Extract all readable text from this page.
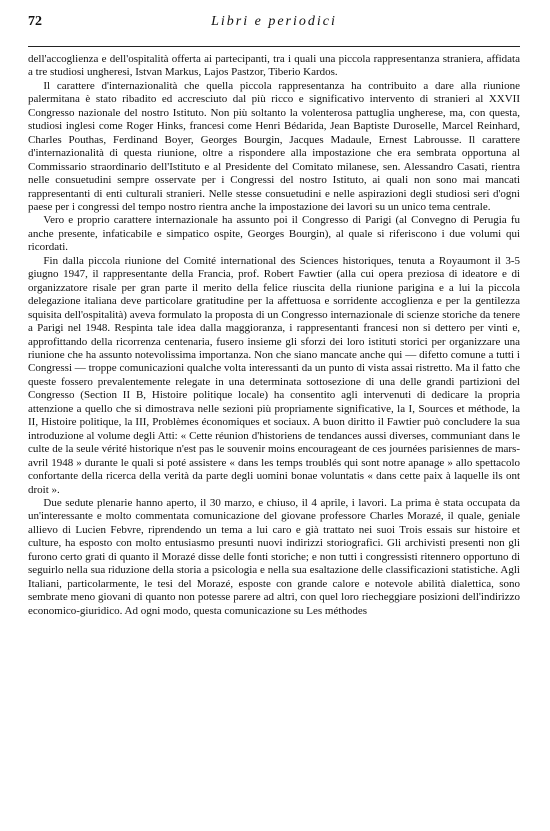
72	Libri e periodici

dell'accoglienza e dell'ospitalità offerta ai partecipanti, tra i quali una piccola rappresentanza straniera, affidata a tre studiosi ungheresi, Istvan Markus, Lajos Pastzor, Tiberio Kardos.

Il carattere d'internazionalità che quella piccola rappresentanza ha contribuito a dare alla riunione palermitana è stato ribadito ed accresciuto dal più ricco e significativo intervento di stranieri al XXVII Congresso nazionale del nostro Istituto. Non più soltanto la volenterosa pattuglia ungherese, ma, con questa, studiosi inglesi come Roger Hinks, francesi come Henri Bédarida, Jean Baptiste Duroselle, Marcel Reinhard, Charles Pouthas, Ferdinand Boyer, Georges Bourgin, Jacques Madaule, Ernest Labrousse. Il carattere d'internazionalità di questa riunione, oltre a rispondere alla impostazione che era sembrata opportuna al Commissario straordinario dell'Istituto e al Presidente del Comitato milanese, sen. Alessandro Casati, rientra nelle consuetudini sempre osservate per i Congressi del nostro Istituto, ai quali non sono mai mancati rappresentanti di enti culturali stranieri. Nelle stesse consuetudini e nelle aspirazioni degli studiosi seri d'ogni paese per i congressi del tempo nostro rientra anche la impostazione dei lavori su un unico tema centrale.

Vero e proprio carattere internazionale ha assunto poi il Congresso di Parigi (al Convegno di Perugia fu anche presente, infaticabile e simpatico ospite, Georges Bourgin), al quale si riferiscono i due volumi qui ricordati.

Fin dalla piccola riunione del Comité international des Sciences historiques, tenuta a Royaumont il 3-5 giugno 1947, il rappresentante della Francia, prof. Robert Fawtier (alla cui opera preziosa di ideatore e di organizzatore risale per gran parte il merito della felice riuscita della riunione parigina e a lui la piccola delegazione italiana deve particolare gratitudine per la affettuosa e sorridente accoglienza e per la gentilezza squisita dell'ospitalità) aveva formulato la proposta di un Congresso internazionale di scienze storiche da tenere a Parigi nel 1948. Respinta tale idea dalla maggioranza, i rappresentanti francesi non si dettero per vinti e, approfittando della ricorrenza centenaria, fusero insieme gli sforzi dei loro istituti storici per organizzare una riunione che ha assunto notevolissima importanza. Non che siano mancate anche qui — difetto comune a tutti i Congressi — troppe comunicazioni qualche volta interessanti da un punto di vista assai ristretto. Ma il fatto che queste fossero prevalentemente relegate in una determinata sottosezione di una delle grandi partizioni del Congresso (Section II B, Histoire politique locale) ha consentito agli intervenuti di dedicare la propria attenzione a quello che si dimostrava nelle sezioni più propriamente significative, la I, Sources et méthode, la II, Histoire politique, la III, Problèmes économiques et sociaux. A buon diritto il Fawtier può concludere la sua introduzione al volume degli Atti: « Cette réunion d'historiens de tendances aussi diverses, communiant dans le culte de la seule vérité historique n'est pas le souvenir moins encourageant de ces journées parisiennes de mars-avril 1948 » durante le quali si poté assistere « dans les temps troublés qui sont notre apanage » allo spettacolo confortante della ricerca della verità da parte degli uomini bonae voluntatis « dans cette paix à laquelle ils ont droit ».

Due sedute plenarie hanno aperto, il 30 marzo, e chiuso, il 4 aprile, i lavori. La prima è stata occupata da un'interessante e molto commentata comunicazione del giovane professore Charles Morazé, il quale, geniale allievo di Lucien Febvre, riprendendo un tema a lui caro e già trattato nei suoi Trois essais sur histoire et culture, ha esposto con molto entusiasmo presunti nuovi indirizzi storiografici. Gli archivisti presenti non gli furono certo grati di quanto il Morazé disse delle fonti storiche; e non tutti i congressisti ritennero opportuno di seguirlo nella sua riduzione della storia a psicologia e nella sua esaltazione delle classificazioni statistiche. Agli Italiani, particolarmente, le tesi del Morazé, esposte con grande calore e notevole abilità dialettica, sono sembrate meno giovani di quanto non potesse parere ad altri, con quel loro riecheggiare posizioni dell'indirizzo economico-giuridico. Ad ogni modo, questa comunicazione su Les méthodes
